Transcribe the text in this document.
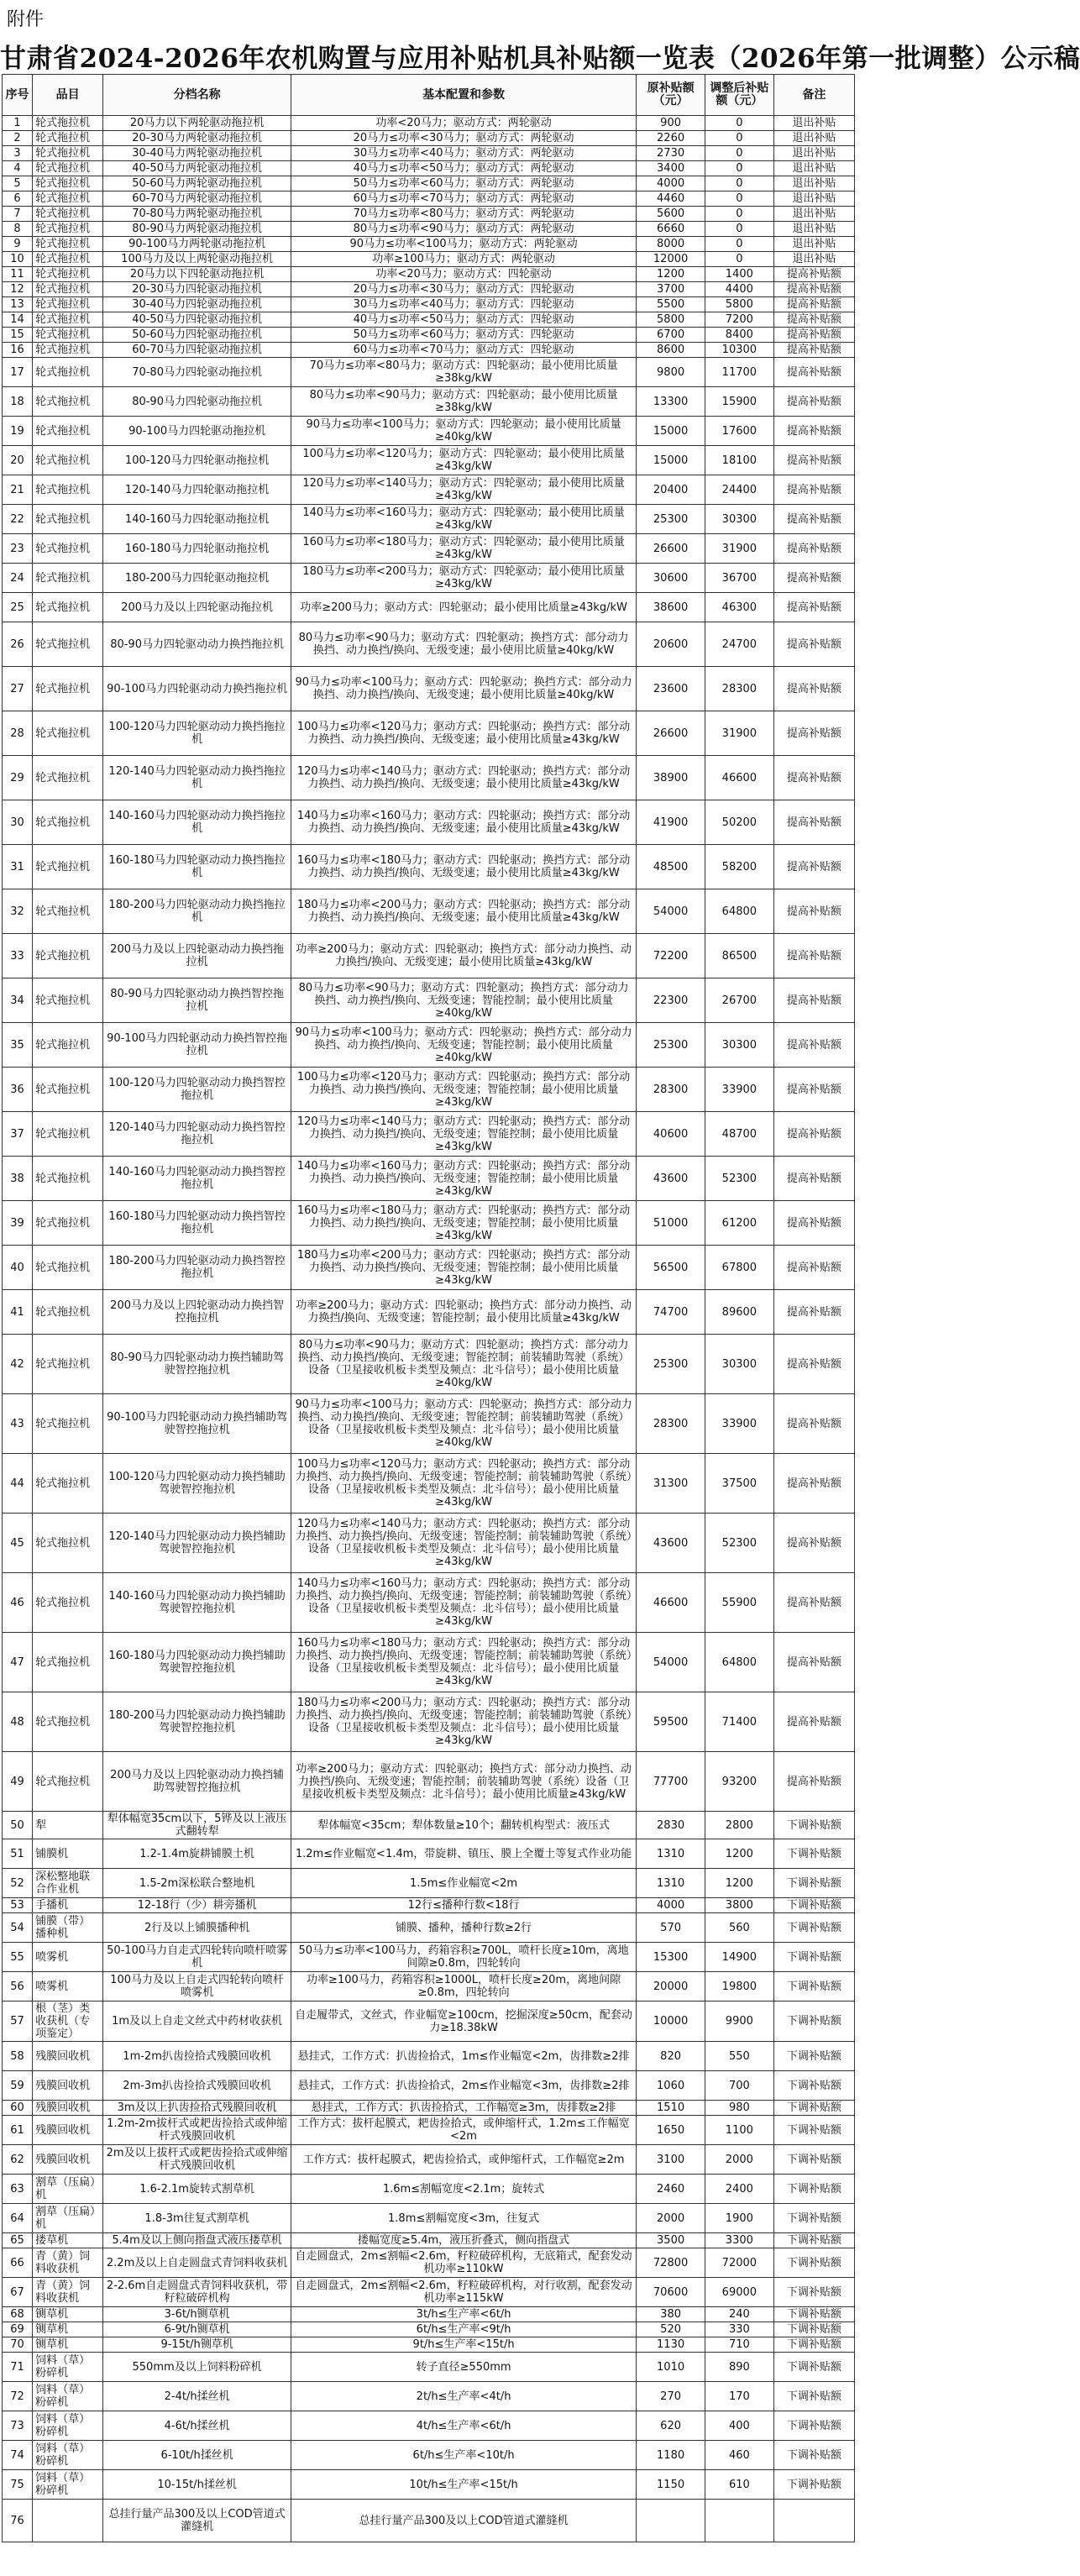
附件
甘肃省2024-2026年农机购置与应用补贴机具补贴额一览表（2026年第一批调整）公示稿
序号	品目	分档名称	基本配置和参数	原补贴额（元）	调整后补贴额（元）	备注
1	轮式拖拉机	20马力以下两轮驱动拖拉机	功率<20马力；驱动方式：两轮驱动	900	0	退出补贴
2	轮式拖拉机	20-30马力两轮驱动拖拉机	20马力≤功率<30马力；驱动方式：两轮驱动	2260	0	退出补贴
3	轮式拖拉机	30-40马力两轮驱动拖拉机	30马力≤功率<40马力；驱动方式：两轮驱动	2730	0	退出补贴
4	轮式拖拉机	40-50马力两轮驱动拖拉机	40马力≤功率<50马力；驱动方式：两轮驱动	3400	0	退出补贴
5	轮式拖拉机	50-60马力两轮驱动拖拉机	50马力≤功率<60马力；驱动方式：两轮驱动	4000	0	退出补贴
6	轮式拖拉机	60-70马力两轮驱动拖拉机	60马力≤功率<70马力；驱动方式：两轮驱动	4460	0	退出补贴
7	轮式拖拉机	70-80马力两轮驱动拖拉机	70马力≤功率<80马力；驱动方式：两轮驱动	5600	0	退出补贴
8	轮式拖拉机	80-90马力两轮驱动拖拉机	80马力≤功率<90马力；驱动方式：两轮驱动	6660	0	退出补贴
9	轮式拖拉机	90-100马力两轮驱动拖拉机	90马力≤功率<100马力；驱动方式：两轮驱动	8000	0	退出补贴
10	轮式拖拉机	100马力及以上两轮驱动拖拉机	功率≥100马力；驱动方式：两轮驱动	12000	0	退出补贴
11	轮式拖拉机	20马力以下四轮驱动拖拉机	功率<20马力；驱动方式：四轮驱动	1200	1400	提高补贴额
12	轮式拖拉机	20-30马力四轮驱动拖拉机	20马力≤功率<30马力；驱动方式：四轮驱动	3700	4400	提高补贴额
13	轮式拖拉机	30-40马力四轮驱动拖拉机	30马力≤功率<40马力；驱动方式：四轮驱动	5500	5800	提高补贴额
14	轮式拖拉机	40-50马力四轮驱动拖拉机	40马力≤功率<50马力；驱动方式：四轮驱动	5800	7200	提高补贴额
15	轮式拖拉机	50-60马力四轮驱动拖拉机	50马力≤功率<60马力；驱动方式：四轮驱动	6700	8400	提高补贴额
16	轮式拖拉机	60-70马力四轮驱动拖拉机	60马力≤功率<70马力；驱动方式：四轮驱动	8600	10300	提高补贴额
17	轮式拖拉机	70-80马力四轮驱动拖拉机	70马力≤功率<80马力；驱动方式：四轮驱动；最小使用比质量≥38kg/kW	9800	11700	提高补贴额
18	轮式拖拉机	80-90马力四轮驱动拖拉机	80马力≤功率<90马力；驱动方式：四轮驱动；最小使用比质量≥38kg/kW	13300	15900	提高补贴额
19	轮式拖拉机	90-100马力四轮驱动拖拉机	90马力≤功率<100马力；驱动方式：四轮驱动；最小使用比质量≥40kg/kW	15000	17600	提高补贴额
20	轮式拖拉机	100-120马力四轮驱动拖拉机	100马力≤功率<120马力；驱动方式：四轮驱动；最小使用比质量≥43kg/kW	15000	18100	提高补贴额
21	轮式拖拉机	120-140马力四轮驱动拖拉机	120马力≤功率<140马力；驱动方式：四轮驱动；最小使用比质量≥43kg/kW	20400	24400	提高补贴额
22	轮式拖拉机	140-160马力四轮驱动拖拉机	140马力≤功率<160马力；驱动方式：四轮驱动；最小使用比质量≥43kg/kW	25300	30300	提高补贴额
23	轮式拖拉机	160-180马力四轮驱动拖拉机	160马力≤功率<180马力；驱动方式：四轮驱动；最小使用比质量≥43kg/kW	26600	31900	提高补贴额
24	轮式拖拉机	180-200马力四轮驱动拖拉机	180马力≤功率<200马力；驱动方式：四轮驱动；最小使用比质量≥43kg/kW	30600	36700	提高补贴额
25	轮式拖拉机	200马力及以上四轮驱动拖拉机	功率≥200马力；驱动方式：四轮驱动；最小使用比质量≥43kg/kW	38600	46300	提高补贴额
26	轮式拖拉机	80-90马力四轮驱动动力换挡拖拉机	80马力≤功率<90马力；驱动方式：四轮驱动；换挡方式：部分动力换挡、动力换挡/换向、无级变速；最小使用比质量≥40kg/kW	20600	24700	提高补贴额
27	轮式拖拉机	90-100马力四轮驱动动力换挡拖拉机	90马力≤功率<100马力；驱动方式：四轮驱动；换挡方式：部分动力换挡、动力换挡/换向、无级变速；最小使用比质量≥40kg/kW	23600	28300	提高补贴额
28	轮式拖拉机	100-120马力四轮驱动动力换挡拖拉机	100马力≤功率<120马力；驱动方式：四轮驱动；换挡方式：部分动力换挡、动力换挡/换向、无级变速；最小使用比质量≥43kg/kW	26600	31900	提高补贴额
29	轮式拖拉机	120-140马力四轮驱动动力换挡拖拉机	120马力≤功率<140马力；驱动方式：四轮驱动；换挡方式：部分动力换挡、动力换挡/换向、无级变速；最小使用比质量≥43kg/kW	38900	46600	提高补贴额
30	轮式拖拉机	140-160马力四轮驱动动力换挡拖拉机	140马力≤功率<160马力；驱动方式：四轮驱动；换挡方式：部分动力换挡、动力换挡/换向、无级变速；最小使用比质量≥43kg/kW	41900	50200	提高补贴额
31	轮式拖拉机	160-180马力四轮驱动动力换挡拖拉机	160马力≤功率<180马力；驱动方式：四轮驱动；换挡方式：部分动力换挡、动力换挡/换向、无级变速；最小使用比质量≥43kg/kW	48500	58200	提高补贴额
32	轮式拖拉机	180-200马力四轮驱动动力换挡拖拉机	180马力≤功率<200马力；驱动方式：四轮驱动；换挡方式：部分动力换挡、动力换挡/换向、无级变速；最小使用比质量≥43kg/kW	54000	64800	提高补贴额
33	轮式拖拉机	200马力及以上四轮驱动动力换挡拖拉机	功率≥200马力；驱动方式：四轮驱动；换挡方式：部分动力换挡、动力换挡/换向、无级变速；最小使用比质量≥43kg/kW	72200	86500	提高补贴额
34	轮式拖拉机	80-90马力四轮驱动动力换挡智控拖拉机	80马力≤功率<90马力；驱动方式：四轮驱动；换挡方式：部分动力换挡、动力换挡/换向、无级变速；智能控制；最小使用比质量≥40kg/kW	22300	26700	提高补贴额
35	轮式拖拉机	90-100马力四轮驱动动力换挡智控拖拉机	90马力≤功率<100马力；驱动方式：四轮驱动；换挡方式：部分动力换挡、动力换挡/换向、无级变速；智能控制；最小使用比质量≥40kg/kW	25300	30300	提高补贴额
36	轮式拖拉机	100-120马力四轮驱动动力换挡智控拖拉机	100马力≤功率<120马力；驱动方式：四轮驱动；换挡方式：部分动力换挡、动力换挡/换向、无级变速；智能控制；最小使用比质量≥43kg/kW	28300	33900	提高补贴额
37	轮式拖拉机	120-140马力四轮驱动动力换挡智控拖拉机	120马力≤功率<140马力；驱动方式：四轮驱动；换挡方式：部分动力换挡、动力换挡/换向、无级变速；智能控制；最小使用比质量≥43kg/kW	40600	48700	提高补贴额
38	轮式拖拉机	140-160马力四轮驱动动力换挡智控拖拉机	140马力≤功率<160马力；驱动方式：四轮驱动；换挡方式：部分动力换挡、动力换挡/换向、无级变速；智能控制；最小使用比质量≥43kg/kW	43600	52300	提高补贴额
39	轮式拖拉机	160-180马力四轮驱动动力换挡智控拖拉机	160马力≤功率<180马力；驱动方式：四轮驱动；换挡方式：部分动力换挡、动力换挡/换向、无级变速；智能控制；最小使用比质量≥43kg/kW	51000	61200	提高补贴额
40	轮式拖拉机	180-200马力四轮驱动动力换挡智控拖拉机	180马力≤功率<200马力；驱动方式：四轮驱动；换挡方式：部分动力换挡、动力换挡/换向、无级变速；智能控制；最小使用比质量≥43kg/kW	56500	67800	提高补贴额
41	轮式拖拉机	200马力及以上四轮驱动动力换挡智控拖拉机	功率≥200马力；驱动方式：四轮驱动；换挡方式：部分动力换挡、动力换挡/换向、无级变速；智能控制；最小使用比质量≥43kg/kW	74700	89600	提高补贴额
42	轮式拖拉机	80-90马力四轮驱动动力换挡辅助驾驶智控拖拉机	80马力≤功率<90马力；驱动方式：四轮驱动；换挡方式：部分动力换挡、动力换挡/换向、无级变速；智能控制；前装辅助驾驶（系统）设备（卫星接收机板卡类型及频点：北斗信号）；最小使用比质量≥40kg/kW	25300	30300	提高补贴额
43	轮式拖拉机	90-100马力四轮驱动动力换挡辅助驾驶智控拖拉机	90马力≤功率<100马力；驱动方式：四轮驱动；换挡方式：部分动力换挡、动力换挡/换向、无级变速；智能控制；前装辅助驾驶（系统）设备（卫星接收机板卡类型及频点：北斗信号）；最小使用比质量≥40kg/kW	28300	33900	提高补贴额
44	轮式拖拉机	100-120马力四轮驱动动力换挡辅助驾驶智控拖拉机	100马力≤功率<120马力；驱动方式：四轮驱动；换挡方式：部分动力换挡、动力换挡/换向、无级变速；智能控制；前装辅助驾驶（系统）设备（卫星接收机板卡类型及频点：北斗信号）；最小使用比质量≥43kg/kW	31300	37500	提高补贴额
45	轮式拖拉机	120-140马力四轮驱动动力换挡辅助驾驶智控拖拉机	120马力≤功率<140马力；驱动方式：四轮驱动；换挡方式：部分动力换挡、动力换挡/换向、无级变速；智能控制；前装辅助驾驶（系统）设备（卫星接收机板卡类型及频点：北斗信号）；最小使用比质量≥43kg/kW	43600	52300	提高补贴额
46	轮式拖拉机	140-160马力四轮驱动动力换挡辅助驾驶智控拖拉机	140马力≤功率<160马力；驱动方式：四轮驱动；换挡方式：部分动力换挡、动力换挡/换向、无级变速；智能控制；前装辅助驾驶（系统）设备（卫星接收机板卡类型及频点：北斗信号）；最小使用比质量≥43kg/kW	46600	55900	提高补贴额
47	轮式拖拉机	160-180马力四轮驱动动力换挡辅助驾驶智控拖拉机	160马力≤功率<180马力；驱动方式：四轮驱动；换挡方式：部分动力换挡、动力换挡/换向、无级变速；智能控制；前装辅助驾驶（系统）设备（卫星接收机板卡类型及频点：北斗信号）；最小使用比质量≥43kg/kW	54000	64800	提高补贴额
48	轮式拖拉机	180-200马力四轮驱动动力换挡辅助驾驶智控拖拉机	180马力≤功率<200马力；驱动方式：四轮驱动；换挡方式：部分动力换挡、动力换挡/换向、无级变速；智能控制；前装辅助驾驶（系统）设备（卫星接收机板卡类型及频点：北斗信号）；最小使用比质量≥43kg/kW	59500	71400	提高补贴额
49	轮式拖拉机	200马力及以上四轮驱动动力换挡辅助驾驶智控拖拉机	功率≥200马力；驱动方式：四轮驱动；换挡方式：部分动力换挡、动力换挡/换向、无级变速；智能控制；前装辅助驾驶（系统）设备（卫星接收机板卡类型及频点：北斗信号）；最小使用比质量≥43kg/kW	77700	93200	提高补贴额
50	犁	犁体幅宽35cm以下，5铧及以上液压式翻转犁	犁体幅宽<35cm；犁体数量≥10个；翻转机构型式：液压式	2830	2800	下调补贴额
51	铺膜机	1.2-1.4m旋耕铺膜土机	1.2m≤作业幅宽<1.4m，带旋耕、镇压、膜上全覆土等复式作业功能	1310	1200	下调补贴额
52	深松整地联合作业机	1.5-2m深松联合整地机	1.5m≤作业幅宽<2m	1310	1200	下调补贴额
53	手播机	12-18行（少）耕旁播机	12行≤播种行数<18行	4000	3800	下调补贴额
54	铺膜（带）播种机	2行及以上铺膜播种机	铺膜、播种，播种行数≥2行	570	560	下调补贴额
55	喷雾机	50-100马力自走式四轮转向喷杆喷雾机	50马力≤功率<100马力，药箱容积≥700L，喷杆长度≥10m，离地间隙≥0.8m，四轮转向	15300	14900	下调补贴额
56	喷雾机	100马力及以上自走式四轮转向喷杆喷雾机	功率≥100马力，药箱容积≥1000L，喷杆长度≥20m，离地间隙≥0.8m，四轮转向	20000	19800	下调补贴额
57	根（茎）类收获机（专项鉴定）	1m及以上自走文丝式中药材收获机	自走履带式，文丝式，作业幅宽≥100cm，挖掘深度≥50cm，配套动力≥18.38kW	10000	9900	下调补贴额
58	残膜回收机	1m-2m扒齿捡拾式残膜回收机	悬挂式，工作方式：扒齿捡拾式，1m≤作业幅宽<2m，齿排数≥2排	820	550	下调补贴额
59	残膜回收机	2m-3m扒齿捡拾式残膜回收机	悬挂式，工作方式：扒齿捡拾式，2m≤作业幅宽<3m，齿排数≥2排	1060	700	下调补贴额
60	残膜回收机	3m及以上扒齿捡拾式残膜回收机	悬挂式，工作方式：扒齿捡拾式，工作幅宽≥3m，齿排数≥2排	1510	980	下调补贴额
61	残膜回收机	1.2m-2m拔杆式或耙齿捡拾式或伸缩杆式残膜回收机	工作方式：拔杆起膜式，耙齿捡拾式，或伸缩杆式，1.2m≤工作幅宽<2m	1650	1100	下调补贴额
62	残膜回收机	2m及以上拔杆式或耙齿捡拾式或伸缩杆式残膜回收机	工作方式：拔杆起膜式，耙齿捡拾式，或伸缩杆式，工作幅宽≥2m	3100	2000	下调补贴额
63	割草（压扁）机	1.6-2.1m旋转式割草机	1.6m≤割幅宽度<2.1m；旋转式	2460	2400	下调补贴额
64	割草（压扁）机	1.8-3m往复式割草机	1.8m≤割幅宽度<3m，往复式	2000	1900	下调补贴额
65	搂草机	5.4m及以上侧向指盘式液压搂草机	搂幅宽度≥5.4m，液压折叠式，侧向指盘式	3500	3300	下调补贴额
66	青（黄）饲料收获机	2.2m及以上自走圆盘式青饲料收获机	自走圆盘式，2m≤割幅<2.6m，籽粒破碎机构，无底箱式，配套发动机功率≥110kW	72800	72000	下调补贴额
67	青（黄）饲料收获机	2-2.6m自走圆盘式青饲料收获机，带籽粒破碎机构	自走圆盘式，2m≤割幅<2.6m，籽粒破碎机构，对行收割，配套发动机功率≥115kW	70600	69000	下调补贴额
68	铡草机	3-6t/h铡草机	3t/h≤生产率<6t/h	380	240	下调补贴额
69	铡草机	6-9t/h铡草机	6t/h≤生产率<9t/h	520	330	下调补贴额
70	铡草机	9-15t/h铡草机	9t/h≤生产率<15t/h	1130	710	下调补贴额
71	饲料（草）粉碎机	550mm及以上饲料粉碎机	转子直径≥550mm	1010	890	下调补贴额
72	饲料（草）粉碎机	2-4t/h揉丝机	2t/h≤生产率<4t/h	270	170	下调补贴额
73	饲料（草）粉碎机	4-6t/h揉丝机	4t/h≤生产率<6t/h	620	400	下调补贴额
74	饲料（草）粉碎机	6-10t/h揉丝机	6t/h≤生产率<10t/h	1180	460	下调补贴额
75	饲料（草）粉碎机	10-15t/h揉丝机	10t/h≤生产率<15t/h	1150	610	下调补贴额
76		总挂行量产品300及以上COD管道式灌缝机	总挂行量产品300及以上COD管道式灌缝机			
